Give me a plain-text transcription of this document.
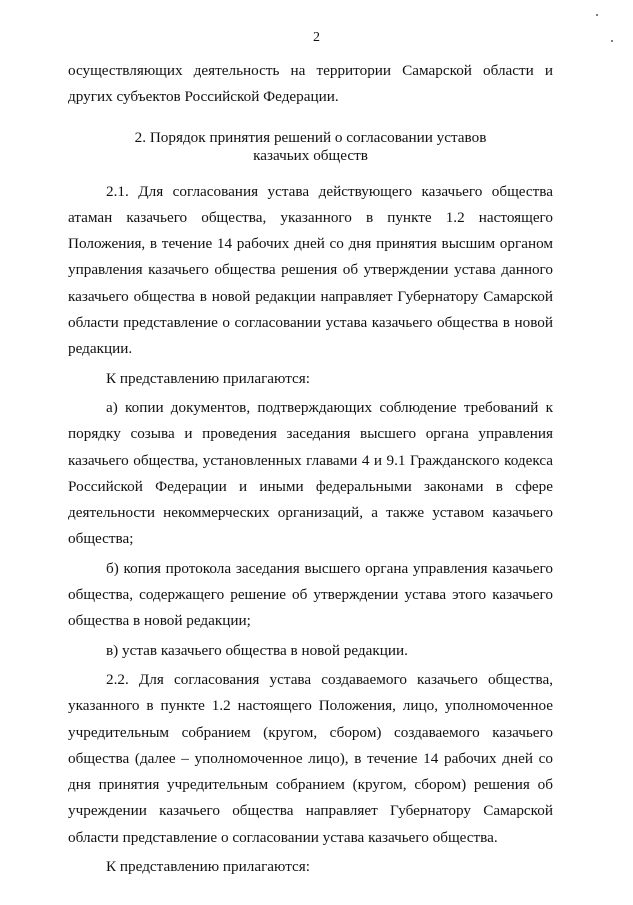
2

осуществляющих деятельность на территории Самарской области и других субъектов Российской Федерации.

2. Порядок принятия решений о согласовании уставов
казачьих обществ

2.1. Для согласования устава действующего казачьего общества атаман казачьего общества, указанного в пункте 1.2 настоящего Положения, в течение 14 рабочих дней со дня принятия высшим органом управления казачьего общества решения об утверждении устава данного казачьего общества в новой редакции направляет Губернатору Самарской области представление о согласовании устава казачьего общества в новой редакции.

К представлению прилагаются:

а) копии документов, подтверждающих соблюдение требований к порядку созыва и проведения заседания высшего органа управления казачьего общества, установленных главами 4 и 9.1 Гражданского кодекса Российской Федерации и иными федеральными законами в сфере деятельности некоммерческих организаций, а также уставом казачьего общества;

б) копия протокола заседания высшего органа управления казачьего общества, содержащего решение об утверждении устава этого казачьего общества в новой редакции;

в) устав казачьего общества в новой редакции.

2.2. Для согласования устава создаваемого казачьего общества, указанного в пункте 1.2 настоящего Положения, лицо, уполномоченное учредительным собранием (кругом, сбором) создаваемого казачьего общества (далее – уполномоченное лицо), в течение 14 рабочих дней со дня принятия учредительным собранием (кругом, сбором) решения об учреждении казачьего общества направляет Губернатору Самарской области представление о согласовании устава казачьего общества.

К представлению прилагаются:
